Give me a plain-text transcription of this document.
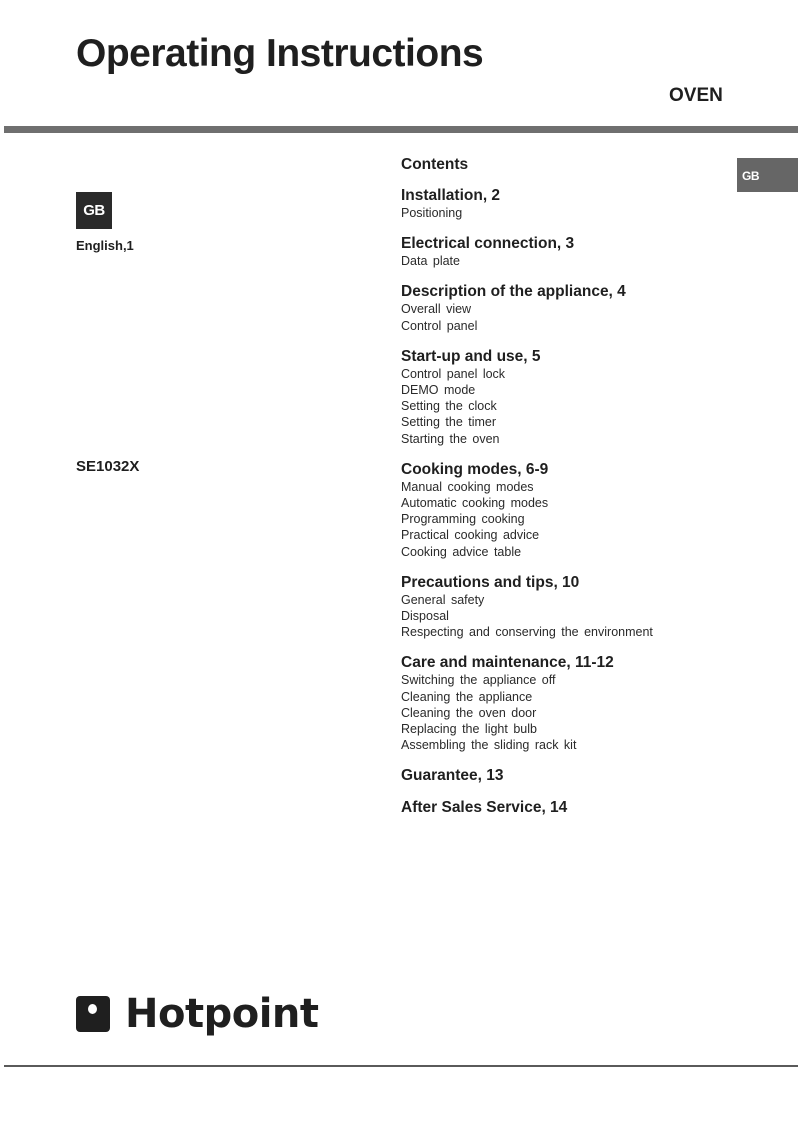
Operating Instructions
OVEN
GB
English,1
SE1032X
GB
Contents
Installation, 2
Positioning
Electrical connection, 3
Data plate
Description of the appliance, 4
Overall view
Control panel
Start-up and use, 5
Control panel lock
DEMO mode
Setting the clock
Setting the timer
Starting the oven
Cooking modes, 6-9
Manual cooking modes
Automatic cooking modes
Programming cooking
Practical cooking advice
Cooking advice table
Precautions and tips, 10
General safety
Disposal
Respecting and conserving the environment
Care and maintenance, 11-12
Switching the appliance off
Cleaning the appliance
Cleaning the oven door
Replacing the light bulb
Assembling the sliding rack kit
Guarantee, 13
After Sales Service, 14
Hotpoint
